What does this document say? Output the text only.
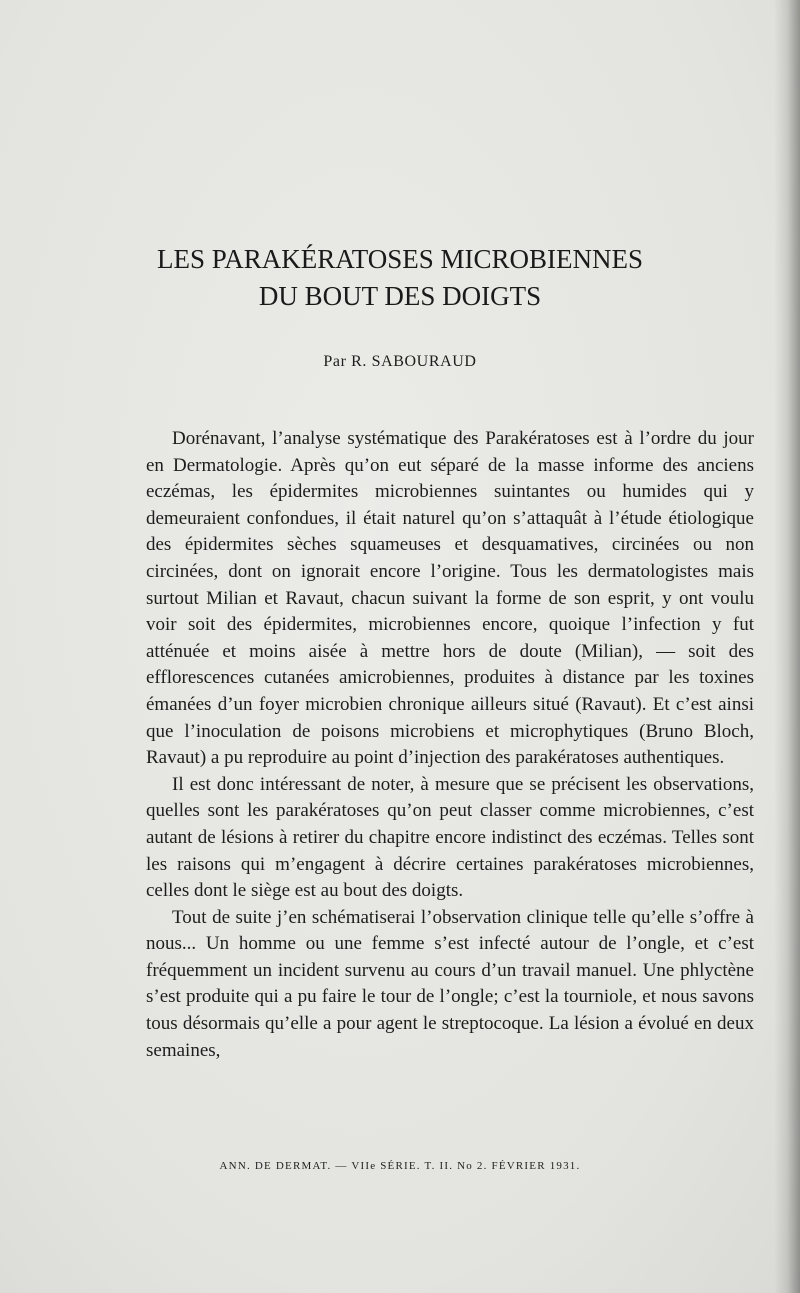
LES PARAKÉRATOSES MICROBIENNES
DU BOUT DES DOIGTS

Par R. SABOURAUD

Dorénavant, l’analyse systématique des Parakératoses est à l’ordre du jour en Dermatologie. Après qu’on eut séparé de la masse informe des anciens eczémas, les épidermites microbiennes suintantes ou humides qui y demeuraient confondues, il était naturel qu’on s’attaquât à l’étude étiologique des épidermites sèches squameuses et desquamatives, circinées ou non circinées, dont on ignorait encore l’origine. Tous les dermatologistes mais surtout Milian et Ravaut, chacun suivant la forme de son esprit, y ont voulu voir soit des épidermites, microbiennes encore, quoique l’infection y fut atténuée et moins aisée à mettre hors de doute (Milian), — soit des efflorescences cutanées amicrobiennes, produites à distance par les toxines émanées d’un foyer microbien chronique ailleurs situé (Ravaut). Et c’est ainsi que l’inoculation de poisons microbiens et microphytiques (Bruno Bloch, Ravaut) a pu reproduire au point d’injection des parakératoses authentiques.

Il est donc intéressant de noter, à mesure que se précisent les observations, quelles sont les parakératoses qu’on peut classer comme microbiennes, c’est autant de lésions à retirer du chapitre encore indistinct des eczémas. Telles sont les raisons qui m’engagent à décrire certaines parakératoses microbiennes, celles dont le siège est au bout des doigts.

Tout de suite j’en schématiserai l’observation clinique telle qu’elle s’offre à nous... Un homme ou une femme s’est infecté autour de l’ongle, et c’est fréquemment un incident survenu au cours d’un travail manuel. Une phlyctène s’est produite qui a pu faire le tour de l’ongle; c’est la tourniole, et nous savons tous désormais qu’elle a pour agent le streptocoque. La lésion a évolué en deux semaines,

ANN. DE DERMAT. — VIIe SÉRIE. T. II. No 2. FÉVRIER 1931.
